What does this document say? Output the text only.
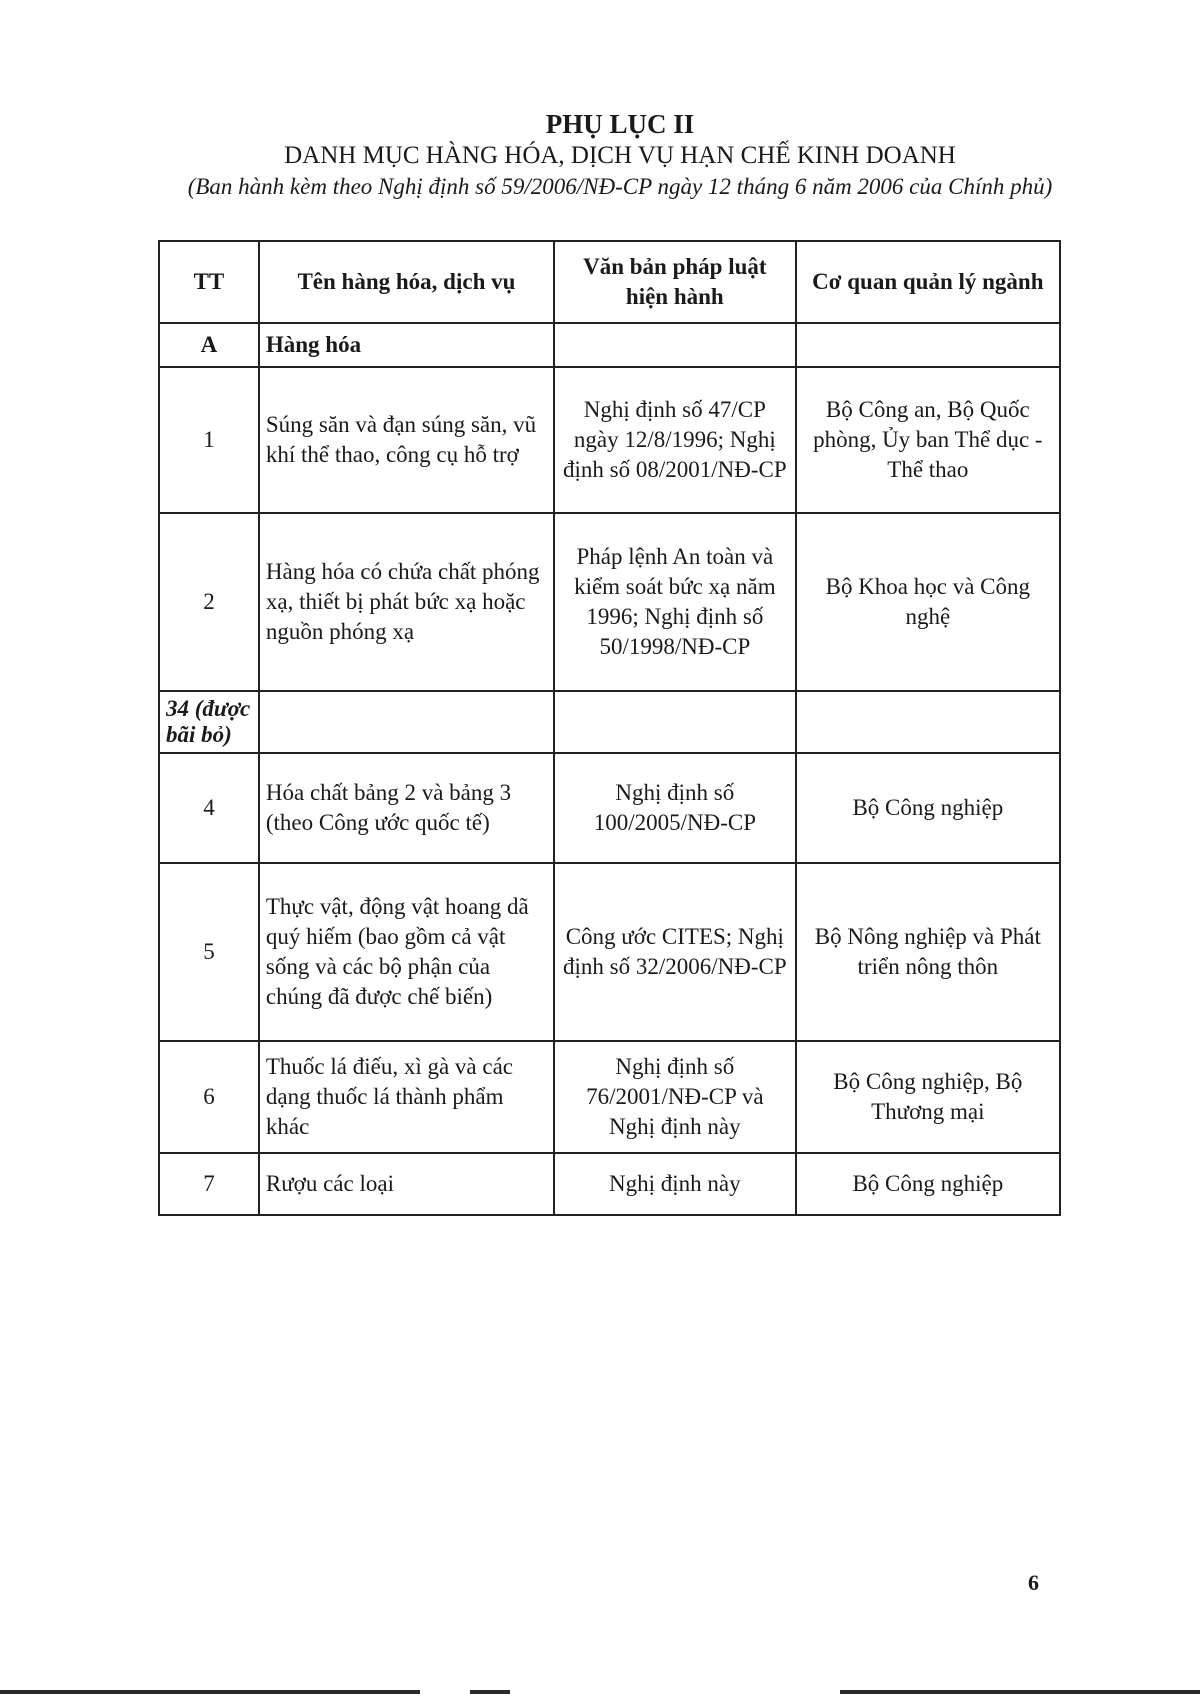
PHỤ LỤC II
DANH MỤC HÀNG HÓA, DỊCH VỤ HẠN CHẾ KINH DOANH
(Ban hành kèm theo Nghị định số 59/2006/NĐ-CP ngày 12 tháng 6 năm 2006 của Chính phủ)
TT	Tên hàng hóa, dịch vụ	Văn bản pháp luật hiện hành	Cơ quan quản lý ngành
A	Hàng hóa		
1	Súng săn và đạn súng săn, vũ khí thể thao, công cụ hỗ trợ	Nghị định số 47/CP ngày 12/8/1996; Nghị định số 08/2001/NĐ-CP	Bộ Công an, Bộ Quốc phòng, Ủy ban Thể dục -Thể thao
2	Hàng hóa có chứa chất phóng xạ, thiết bị phát bức xạ hoặc nguồn phóng xạ	Pháp lệnh An toàn và kiểm soát bức xạ năm 1996; Nghị định số 50/1998/NĐ-CP	Bộ Khoa học và Công nghệ
34 (được bãi bỏ)			
4	Hóa chất bảng 2 và bảng 3 (theo Công ước quốc tế)	Nghị định số 100/2005/NĐ-CP	Bộ Công nghiệp
5	Thực vật, động vật hoang dã quý hiếm (bao gồm cả vật sống và các bộ phận của chúng đã được chế biến)	Công ước CITES; Nghị định số 32/2006/NĐ-CP	Bộ Nông nghiệp và Phát triển nông thôn
6	Thuốc lá điếu, xì gà và các dạng thuốc lá thành phẩm khác	Nghị định số 76/2001/NĐ-CP và Nghị định này	Bộ Công nghiệp, Bộ Thương mại
7	Rượu các loại	Nghị định này	Bộ Công nghiệp
6
